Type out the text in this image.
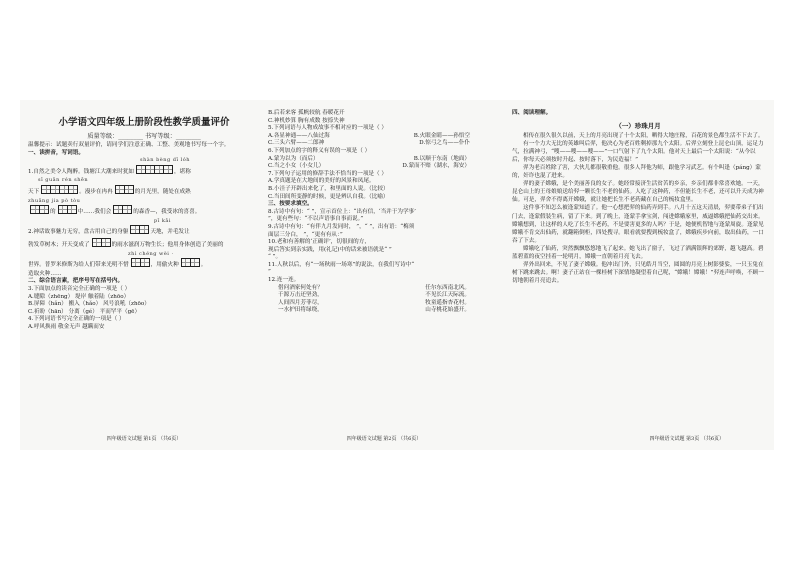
小学语文四年级上册阶段性教学质量评价
质量等级：________ 书写等级：________
温馨提示：试题卖行双量评价，请同学们注意正确、工整、美观地书写每一个字。
一、读拼音，写词语。
shàn bèng dī lóh
1.自然之美令人陶醉。钱塘江大潮来时犹如	，堪称
sī guān rén shēn
天下	。漫步在冉冉	的月光里，随处在成熟
zhuāng jia pò tòu
的	中……我们会	的森香—，我受冰的喜喜。
pī kāi
2.神话故事魅力无穷，盘古用自己的身躯	天地，并毛发让
勃发草树木；开天变成了	的雨水滋润万物生长；他用身体创造了美丽的
zhì chéng wèi ·
世界。普罗米修斯为给人们带来光明不惜	，用偷火种	。
造取火种……
二、综合语言素，把序号写在括号内。
3.下面加点的读音完全正确的一项是（ ）
A.缝隙（zhēng） 堤岸 触着陆（zhōo）
B.屏障（hǎn） 搬入（hǎo） 风号浪吼（zhōo）
C.祈盼（hān） 分离（gé） 平而罕平（gē）
4.下列词语书写完全正确的一项是（ ）
A.呼风换雨 敬金无声 越瞒而安
四年级语文试题 第1页 （共6页）
B.后若来客 孤帆较航 春暖花开
C.神机妙算 胸有成数 按捺失神
5.下列词语与人物成故事不相对应的一项是（ ）
A.各显神通——八仙过海	B.火眼金睛——孙悟空
C.三头六臂——二郎神	D.惊弓之鸟——仆仆
6.下列加点的字的释义有误的一项是（ ）
A.蒙为以为（而后）	B.以顺于东南（地面）
C.当之小女（小女儿）	D.蒙而不赔（湖水，海安）
7.下列句子运用的修辞手法不恰当的一项是（ ）
A.学真题是在大地间的美好的风景和凤尾。
B.小洼子开辟出来化了，和里面的人说。（比较）
C.当田间所变静的时候，更是辨认自我。（比喻）
三、按要求填空。
8.古诗中有句：“ ”，宣示首位上：“出有信，‘当并于为学事’
”，更有些句：“不以声语事自事而说。”
9.古诗中有句：“有伴九月发同时， ”，“ ”，出有语：“梅须
面层三分白， ”，“更有有从：”
10.老和有善解的‘正确评’，切很间的方，
现后答实到亲实践，用(礼记)中的话来被语就是“ ”
“ ”。
11.人秋以后，有“一场秋雨一场寒”的说法，在我们写诗中“
”
12.连一连。
借问酒家何处有？	任尔东西南北风。
千源万击还坚劲，	不见长江天际流。
人间四月芳菲尽，	牧童遥指杏花村。
一水护田将绿绕，	山寺桃花始盛开。
四年级语文试题 第2页 （共6页）
四、阅读理解。
（一）珍珠月月

相传在很久很久以前，天上的月亮出现了十个太阳，晒得大地庄稼，百花的景色都生活不下去了。

有一个力大无比的英雄叫后羿，他决心为老百姓剩掉那九个太阳。后羿立刻登上昆仑山顶，运足力气，拉满神弓，“嗖——嗖——嗖——”一口气射下了九个太阳。他对天上最后一个太阳说：“从今以后，你每天必须按时升起、按时落下，为民造福！”

羿为老百姓除了害，大伙儿都很敬重他。很多人拜他为师，跟他学习武艺。有个叫逢（páng）蒙的，奸诈也混了进来。

羿的妻子嫦娥，是个美丽善良的女子。她经常接济生活贫苦的乡亲，乡亲们都非常喜欢她。一天，昆仑山上的王母娘娘送给羿一颗长生不老的仙药。人吃了这种药，不但能长生不老，还可以升天成为神仙。可是，羿舍不得离开嫦娥，就让她把长生不老药藏在自己的梳妆盒里。

这件事不知怎么被逢蒙知道了。他一心想把羿的仙药弄到手。八月十五这天清晨，羿要带弟子们出门去，逢蒙假装生病，留了下来。到了晚上，逢蒙手拿宝剑，闯进嫦娥家里，威逼嫦娥把仙药交出来。嫦娥想到，让这样的人吃了长生不老药，不是要害更多的人吗？于是，她便机智地与逢蒙周旋。逢蒙见嫦娥不肯交出仙药，就翻箱倒柜，四处搜寻。眼看就要搜到梳妆盒了，嫦娥疾步向前，取出仙药，一口吞了下去。

嫦娥吃了仙药，突然飘飘悠悠地飞了起来。她飞出了窗子，飞过了洒满银辉的郊野，越飞越高。碧蓝碧蓝的夜空挂着一轮明月，嫦娥一直朝着月亮飞去。

羿外出回来，不见了妻子嫦娥。他冲出门外，只见皓月当空，圆圆的月亮上树影婆娑，一只玉兔在树下跳来跳去。啊！妻子正站在一棵桂树下深情地凝望着自己呢，“嫦娥！嫦娥！”羿连声呼唤，不顾一切地朝着月亮追去。

四年级语文试题 第3页 （共6页）
